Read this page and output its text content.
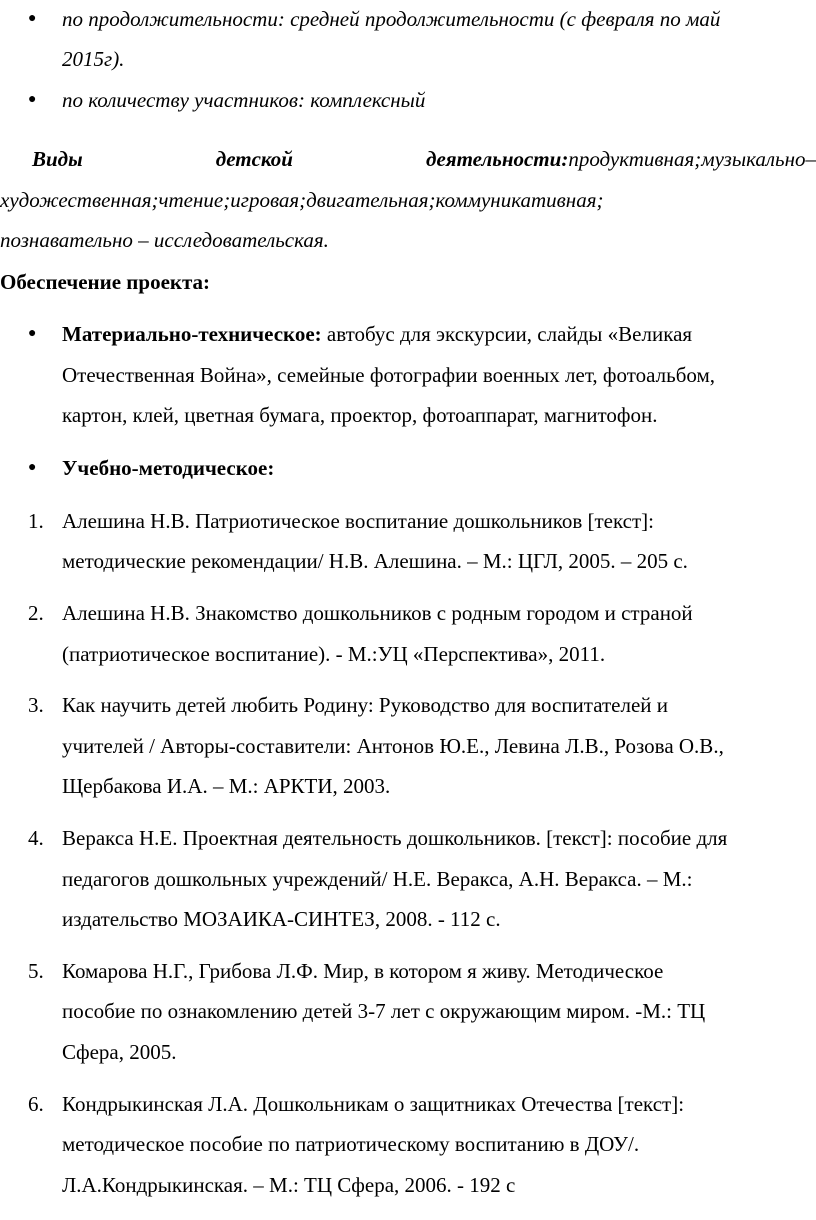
● по продолжительности: средней продолжительности (с февраля по май
2015г).
● по количеству участников: комплексный
Виды детской деятельности: продуктивная; музыкально –
художественная; чтение; игровая; двигательная; коммуникативная;
познавательно – исследовательская.
Обеспечение проекта:
● Материально-техническое: автобус для экскурсии, слайды «Великая
Отечественная Война», семейные фотографии военных лет, фотоальбом,
картон, клей, цветная бумага, проектор, фотоаппарат, магнитофон.
● Учебно-методическое:
1. Алешина Н.В. Патриотическое воспитание дошкольников [текст]:
методические рекомендации/ Н.В. Алешина. – М.: ЦГЛ, 2005. – 205 с.
2. Алешина Н.В. Знакомство дошкольников с родным городом и страной
(патриотическое воспитание). - М.:УЦ «Перспектива», 2011.
3. Как научить детей любить Родину: Руководство для воспитателей и
учителей / Авторы-составители: Антонов Ю.Е., Левина Л.В., Розова О.В.,
Щербакова И.А. – М.: АРКТИ, 2003.
4. Веракса Н.Е. Проектная деятельность дошкольников. [текст]: пособие для
педагогов дошкольных учреждений/ Н.Е. Веракса, А.Н. Веракса. – М.:
издательство МОЗАИКА-СИНТЕЗ, 2008. - 112 с.
5. Комарова Н.Г., Грибова Л.Ф. Мир, в котором я живу. Методическое
пособие по ознакомлению детей 3-7 лет с окружающим миром. -М.: ТЦ
Сфера, 2005.
6. Кондрыкинская Л.А. Дошкольникам о защитниках Отечества [текст]:
методическое пособие по патриотическому воспитанию в ДОУ/.
Л.А.Кондрыкинская. – М.: ТЦ Сфера, 2006. - 192 с
